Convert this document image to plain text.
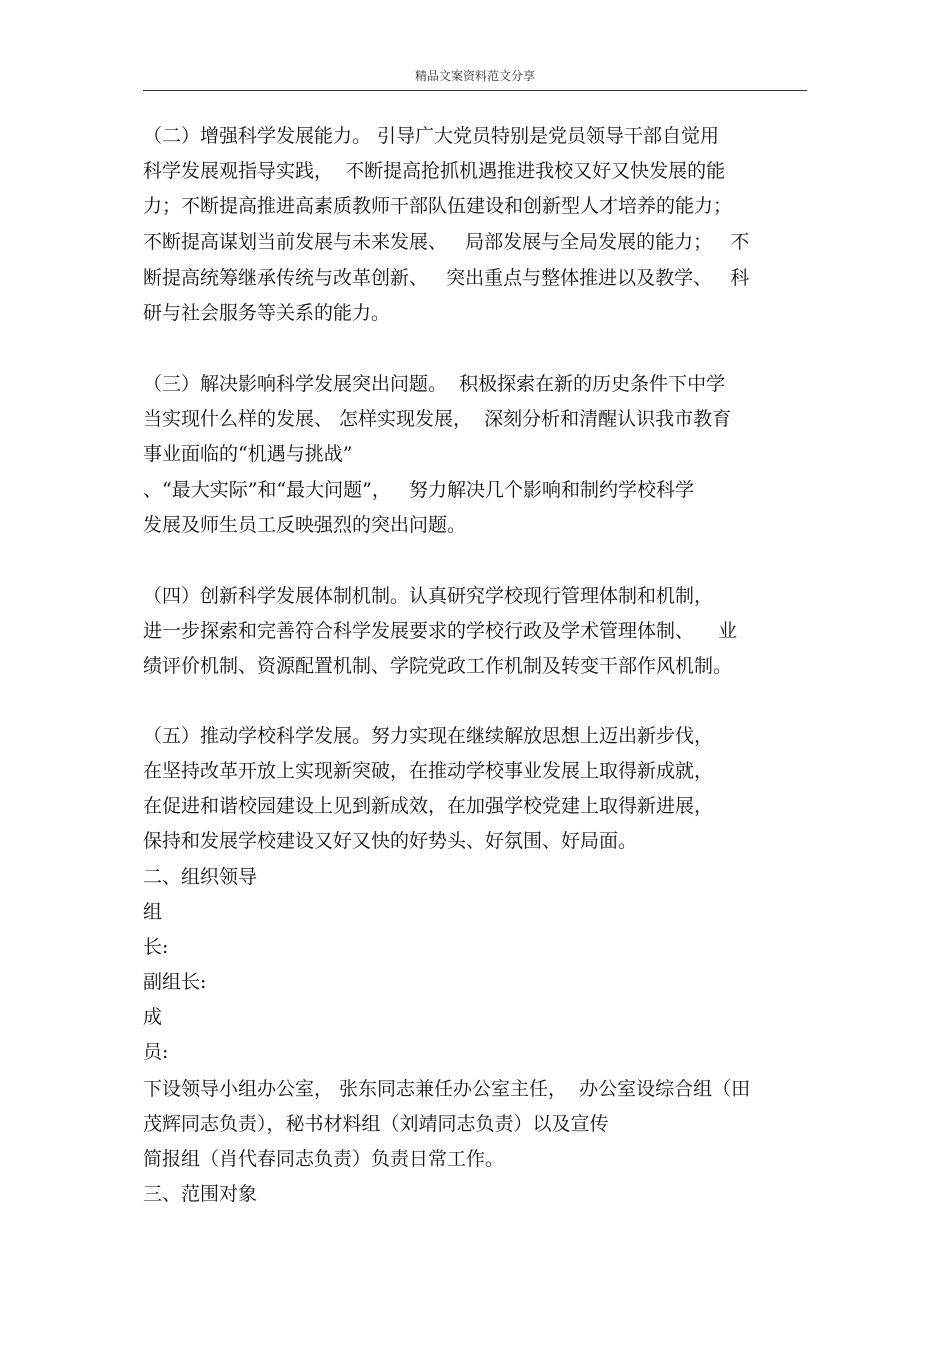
精品文案资料范文分享
（二）增强科学发展能力。 引导广大党员特别是党员领导干部自觉用
科学发展观指导实践，  不断提高抢抓机遇推进我校又好又快发展的能
力；不断提高推进高素质教师干部队伍建设和创新型人才培养的能力；
不断提高谋划当前发展与未来发展、   局部发展与全局发展的能力；   不
断提高统筹继承传统与改革创新、   突出重点与整体推进以及教学、   科
研与社会服务等关系的能力。
（三）解决影响科学发展突出问题。  积极探索在新的历史条件下中学
当实现什么样的发展、 怎样实现发展，  深刻分析和清醒认识我市教育
事业面临的“机遇与挑战”
、“最大实际”和“最大问题”，   努力解决几个影响和制约学校科学
发展及师生员工反映强烈的突出问题。
（四）创新科学发展体制机制。认真研究学校现行管理体制和机制，
进一步探索和完善符合科学发展要求的学校行政及学术管理体制、    业
绩评价机制、资源配置机制、学院党政工作机制及转变干部作风机制。
（五）推动学校科学发展。努力实现在继续解放思想上迈出新步伐，
在坚持改革开放上实现新突破，在推动学校事业发展上取得新成就，
在促进和谐校园建设上见到新成效，在加强学校党建上取得新进展，
保持和发展学校建设又好又快的好势头、好氛围、好局面。
二、组织领导
组
长:
副组长:
成
员:
下设领导小组办公室， 张东同志兼任办公室主任，  办公室设综合组（田
茂辉同志负责），秘书材料组（刘靖同志负责）以及宣传
简报组（肖代春同志负责）负责日常工作。
三、范围对象
